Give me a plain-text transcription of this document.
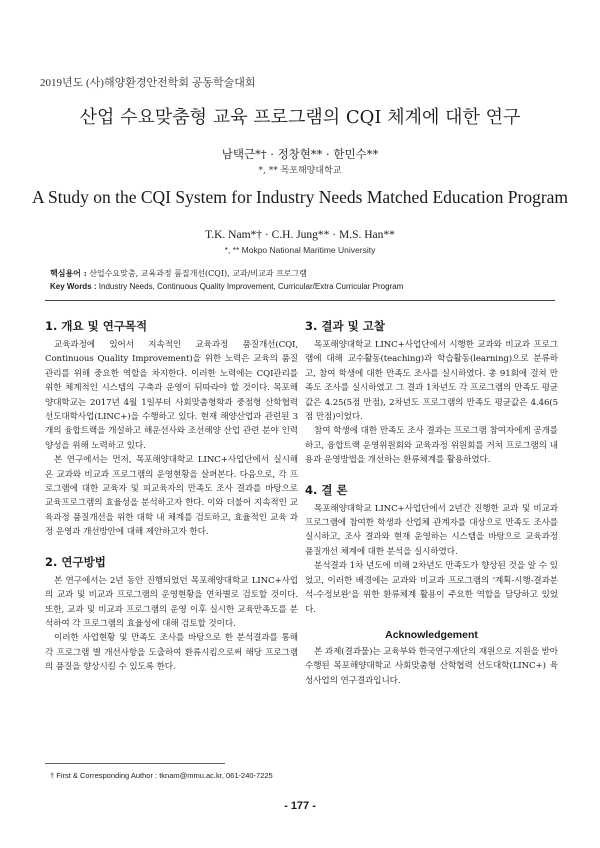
2019년도 (사)해양환경안전학회 공동학술대회
산업 수요맞춤형 교육 프로그램의 CQI 체계에 대한 연구
남택근*† · 정창현** · 한민수**
*, ** 목포해양대학교
A Study on the CQI System for Industry Needs Matched Education Program
T.K. Nam*† · C.H. Jung** · M.S. Han**
*, ** Mokpo National Maritime University
핵심용어 : 산업수요맞춤, 교육과정 품질개선(CQI), 교과/비교과 프로그램
Key Words : Industry Needs, Continuous Quality Improvement, Curricular/Extra Curricular Program
1. 개요 및 연구목적

교육과정에 있어서 지속적인 교육과정 품질개선(CQI, Continuous Quality Improvement)을 위한 노력은 교육의 품질관리를 위해 중요한 역할을 차지한다. 이러한 노력에는 CQI관리를 위한 체계적인 시스템의 구축과 운영이 뒤따라야 할 것이다. 목포해양대학교는 2017년 4월 1일부터 사회맞춤형학과 중점형 산학협력선도대학사업(LINC+)을 수행하고 있다. 현재 해양산업과 관련된 3개의 융합트랙을 개설하고 해운선사와 조선해양 산업 관련 분야 인력양성을 위해 노력하고 있다.

본 연구에서는 먼저, 목포해양대학교 LINC+사업단에서 실시해 온 교과와 비교과 프로그램의 운영현황을 살펴본다. 다음으로, 각 프로그램에 대한 교육자 및 피교육자의 만족도 조사 결과를 바탕으로 교육프로그램의 효율성을 분석하고자 한다. 이와 더불어 지속적인 교육과정 품질개선을 위한 대학 내 체계를 검토하고, 효율적인 교육 과정 운영과 개선방안에 대해 제안하고자 한다.

2. 연구방법

본 연구에서는 2년 동안 진행되었던 목포해양대학교 LINC+사업의 교과 및 비교과 프로그램의 운영현황을 연차별로 검토할 것이다. 또한, 교과 및 비교과 프로그램의 운영 이후 실시한 교육만족도를 분석하여 각 프로그램의 효율성에 대해 검토할 것이다.

이러한 사업현황 및 만족도 조사를 바탕으로 한 분석결과를 통해 각 프로그램 별 개선사항을 도출하여 환류시킴으로써 해당 프로그램의 품질을 향상시킬 수 있도록 한다.

3. 결과 및 고찰

목포해양대학교 LINC+사업단에서 시행한 교과와 비교과 프로그램에 대해 교수활동(teaching)과 학습활동(learning)으로 분류하고, 참여 학생에 대한 만족도 조사를 실시하였다. 총 91회에 걸쳐 만족도 조사를 실시하였고 그 결과 1차년도 각 프로그램의 만족도 평균값은 4.25(5점 만점), 2차년도 프로그램의 만족도 평균값은 4.46(5점 만점)이었다.

참여 학생에 대한 만족도 조사 결과는 프로그램 참여자에게 공개를 하고, 융합트랙 운영위원회와 교육과정 위원회를 거쳐 프로그램의 내용과 운영방법을 개선하는 환류체계를 활용하였다.

4. 결 론

목포해양대학교 LINC+사업단에서 2년간 진행한 교과 및 비교과 프로그램에 참여한 학생과 산업체 관계자를 대상으로 만족도 조사를 실시하고, 조사 결과와 현재 운영하는 시스템을 바탕으로 교육과정 품질개선 체계에 대한 분석을 실시하였다.

분석결과 1차 년도에 비해 2차년도 만족도가 향상된 것을 알 수 있었고, 이러한 배경에는 교과와 비교과 프로그램의 '계획-시행-결과분석-수정보완'을 위한 환류체계 활용이 주요한 역할을 담당하고 있었다.

Acknowledgement

본 과제(결과물)는 교육부와 한국연구재단의 재원으로 지원을 받아 수행된 목포해양대학교 사회맞춤형 산학협력 선도대학(LINC+) 육성사업의 연구결과입니다.

† First & Corresponding Author : tknam@mmu.ac.kr, 061-240-7225
- 177 -
